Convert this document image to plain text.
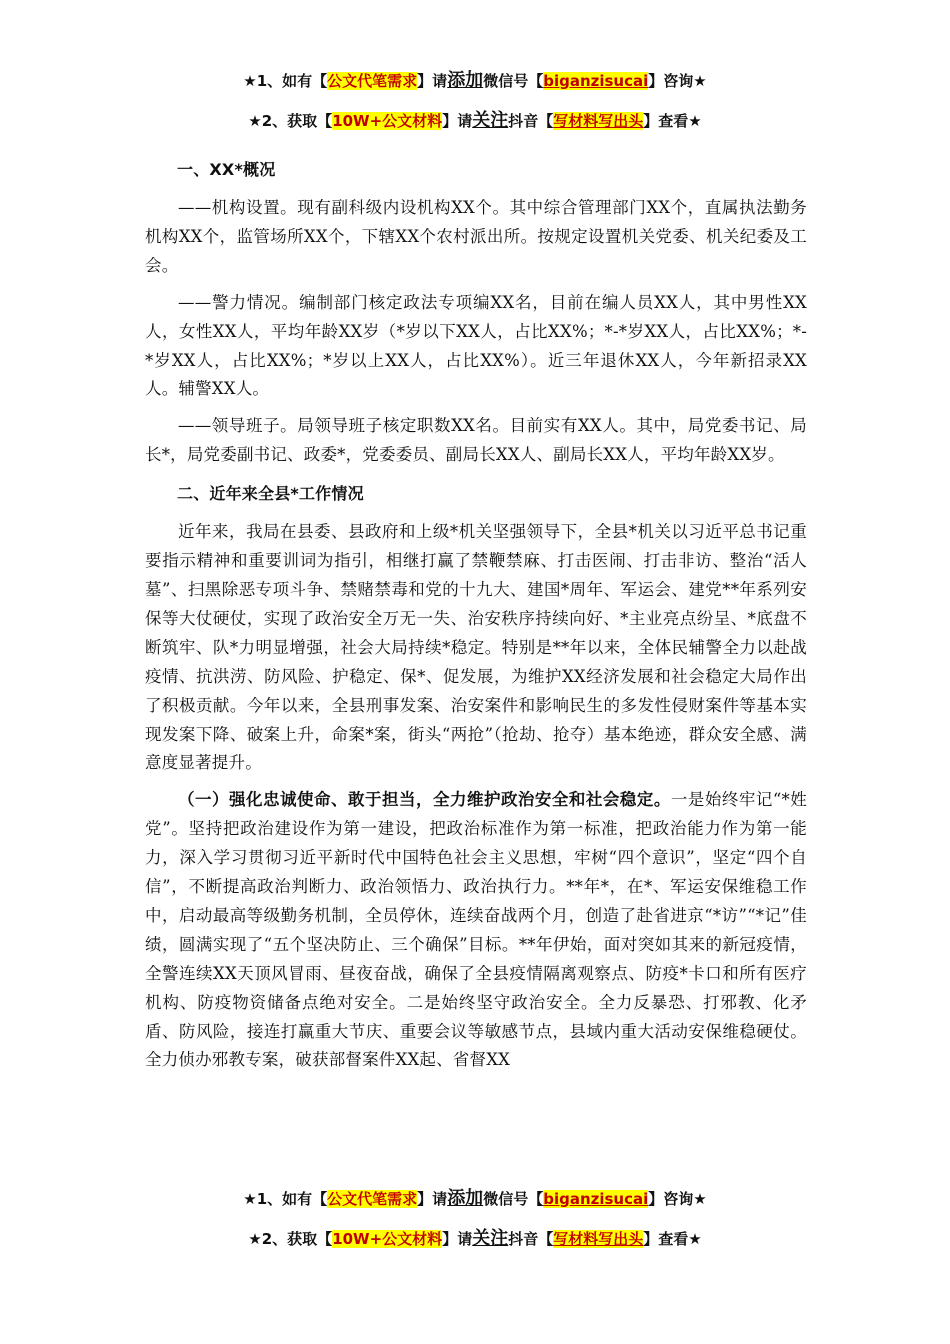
★1、如有【公文代笔需求】请添加微信号【biganzisucai】咨询★
★2、获取【10W+公文材料】请关注抖音【写材料写出头】查看★
一、XX*概况

——机构设置。现有副科级内设机构XX个。其中综合管理部门XX个，直属执法勤务机构XX个，监管场所XX个，下辖XX个农村派出所。按规定设置机关党委、机关纪委及工会。

——警力情况。编制部门核定政法专项编XX名，目前在编人员XX人，其中男性XX人，女性XX人，平均年龄XX岁（*岁以下XX人，占比XX%；*-*岁XX人，占比XX%；*-*岁XX人，占比XX%；*岁以上XX人，占比XX%）。近三年退休XX人，今年新招录XX人。辅警XX人。

——领导班子。局领导班子核定职数XX名。目前实有XX人。其中，局党委书记、局长*，局党委副书记、政委*，党委委员、副局长XX人、副局长XX人，平均年龄XX岁。

二、近年来全县*工作情况

近年来，我局在县委、县政府和上级*机关坚强领导下，全县*机关以习近平总书记重要指示精神和重要训词为指引，相继打赢了禁鞭禁麻、打击医闹、打击非访、整治“活人墓”、扫黑除恶专项斗争、禁赌禁毒和党的十九大、建国*周年、军运会、建党**年系列安保等大仗硬仗，实现了政治安全万无一失、治安秩序持续向好、*主业亮点纷呈、*底盘不断筑牢、队*力明显增强，社会大局持续*稳定。特别是**年以来，全体民辅警全力以赴战疫情、抗洪涝、防风险、护稳定、保*、促发展，为维护XX经济发展和社会稳定大局作出了积极贡献。今年以来，全县刑事发案、治安案件和影响民生的多发性侵财案件等基本实现发案下降、破案上升，命案*案，街头“两抢”（抢劫、抢夺）基本绝迹，群众安全感、满意度显著提升。

（一）强化忠诚使命、敢于担当，全力维护政治安全和社会稳定。一是始终牢记“*姓党”。坚持把政治建设作为第一建设，把政治标准作为第一标准，把政治能力作为第一能力，深入学习贯彻习近平新时代中国特色社会主义思想，牢树“四个意识”，坚定“四个自信”，不断提高政治判断力、政治领悟力、政治执行力。**年*，在*、军运安保维稳工作中，启动最高等级勤务机制，全员停休，连续奋战两个月，创造了赴省进京“*访”“*记”佳绩，圆满实现了“五个坚决防止、三个确保”目标。**年伊始，面对突如其来的新冠疫情，全警连续XX天顶风冒雨、昼夜奋战，确保了全县疫情隔离观察点、防疫*卡口和所有医疗机构、防疫物资储备点绝对安全。二是始终坚守政治安全。全力反暴恐、打邪教、化矛盾、防风险，接连打赢重大节庆、重要会议等敏感节点，县域内重大活动安保维稳硬仗。全力侦办邪教专案，破获部督案件XX起、省督XX

★1、如有【公文代笔需求】请添加微信号【biganzisucai】咨询★
★2、获取【10W+公文材料】请关注抖音【写材料写出头】查看★
